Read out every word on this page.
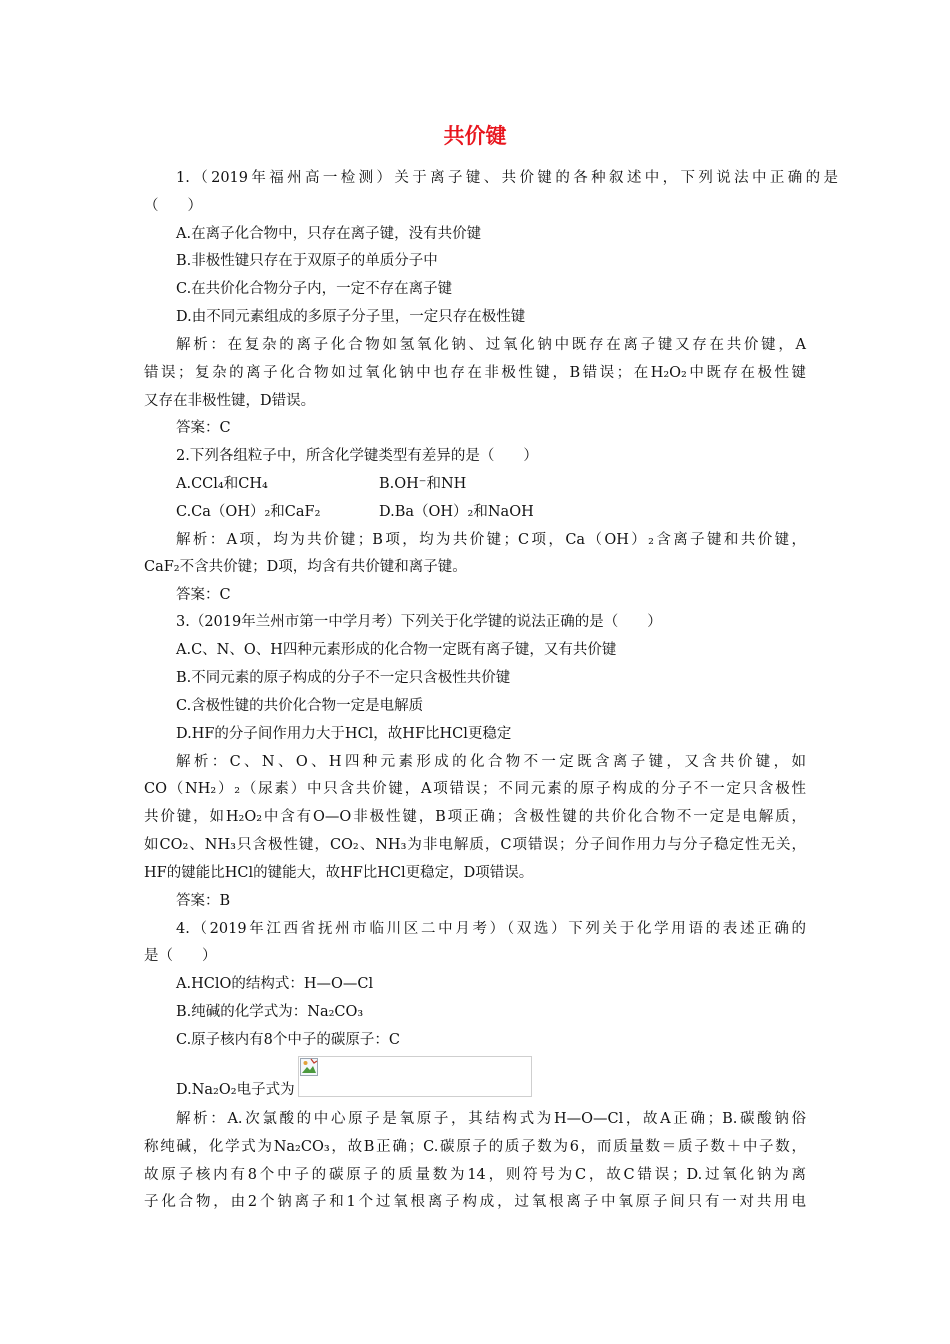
共价键
1.（2019年福州高一检测）关于离子键、共价键的各种叙述中，下列说法中正确的是
（　　）
A.在离子化合物中，只存在离子键，没有共价键
B.非极性键只存在于双原子的单质分子中
C.在共价化合物分子内，一定不存在离子键
D.由不同元素组成的多原子分子里，一定只存在极性键
解析：在复杂的离子化合物如氢氧化钠、过氧化钠中既存在离子键又存在共价键，A
错误；复杂的离子化合物如过氧化钠中也存在非极性键，B错误；在H₂O₂中既存在极性键
又存在非极性键，D错误。
答案：C
2.下列各组粒子中，所含化学键类型有差异的是（　　）
A.CCl₄和CH₄	B.OH⁻和NH
C.Ca（OH）₂和CaF₂	D.Ba（OH）₂和NaOH
解析：A项，均为共价键；B项，均为共价键；C项，Ca（OH）₂含离子键和共价键，
CaF₂不含共价键；D项，均含有共价键和离子键。
答案：C
3.（2019年兰州市第一中学月考）下列关于化学键的说法正确的是（　　）
A.C、N、O、H四种元素形成的化合物一定既有离子键，又有共价键
B.不同元素的原子构成的分子不一定只含极性共价键
C.含极性键的共价化合物一定是电解质
D.HF的分子间作用力大于HCl，故HF比HCl更稳定
解析：C、N、O、H四种元素形成的化合物不一定既含离子键，又含共价键，如
CO（NH₂）₂（尿素）中只含共价键，A项错误；不同元素的原子构成的分子不一定只含极性
共价键，如H₂O₂中含有O—O非极性键，B项正确；含极性键的共价化合物不一定是电解质，
如CO₂、NH₃只含极性键，CO₂、NH₃为非电解质，C项错误；分子间作用力与分子稳定性无关，
HF的键能比HCl的键能大，故HF比HCl更稳定，D项错误。
答案：B
4.（2019年江西省抚州市临川区二中月考）（双选）下列关于化学用语的表述正确的
是（　　）
A.HClO的结构式：H—O—Cl
B.纯碱的化学式为：Na₂CO₃
C.原子核内有8个中子的碳原子：C
D.Na₂O₂电子式为
解析：A.次氯酸的中心原子是氧原子，其结构式为H—O—Cl，故A正确；B.碳酸钠俗
称纯碱，化学式为Na₂CO₃，故B正确；C.碳原子的质子数为6，而质量数＝质子数＋中子数，
故原子核内有8个中子的碳原子的质量数为14，则符号为C，故C错误；D.过氧化钠为离
子化合物，由2个钠离子和1个过氧根离子构成，过氧根离子中氧原子间只有一对共用电
